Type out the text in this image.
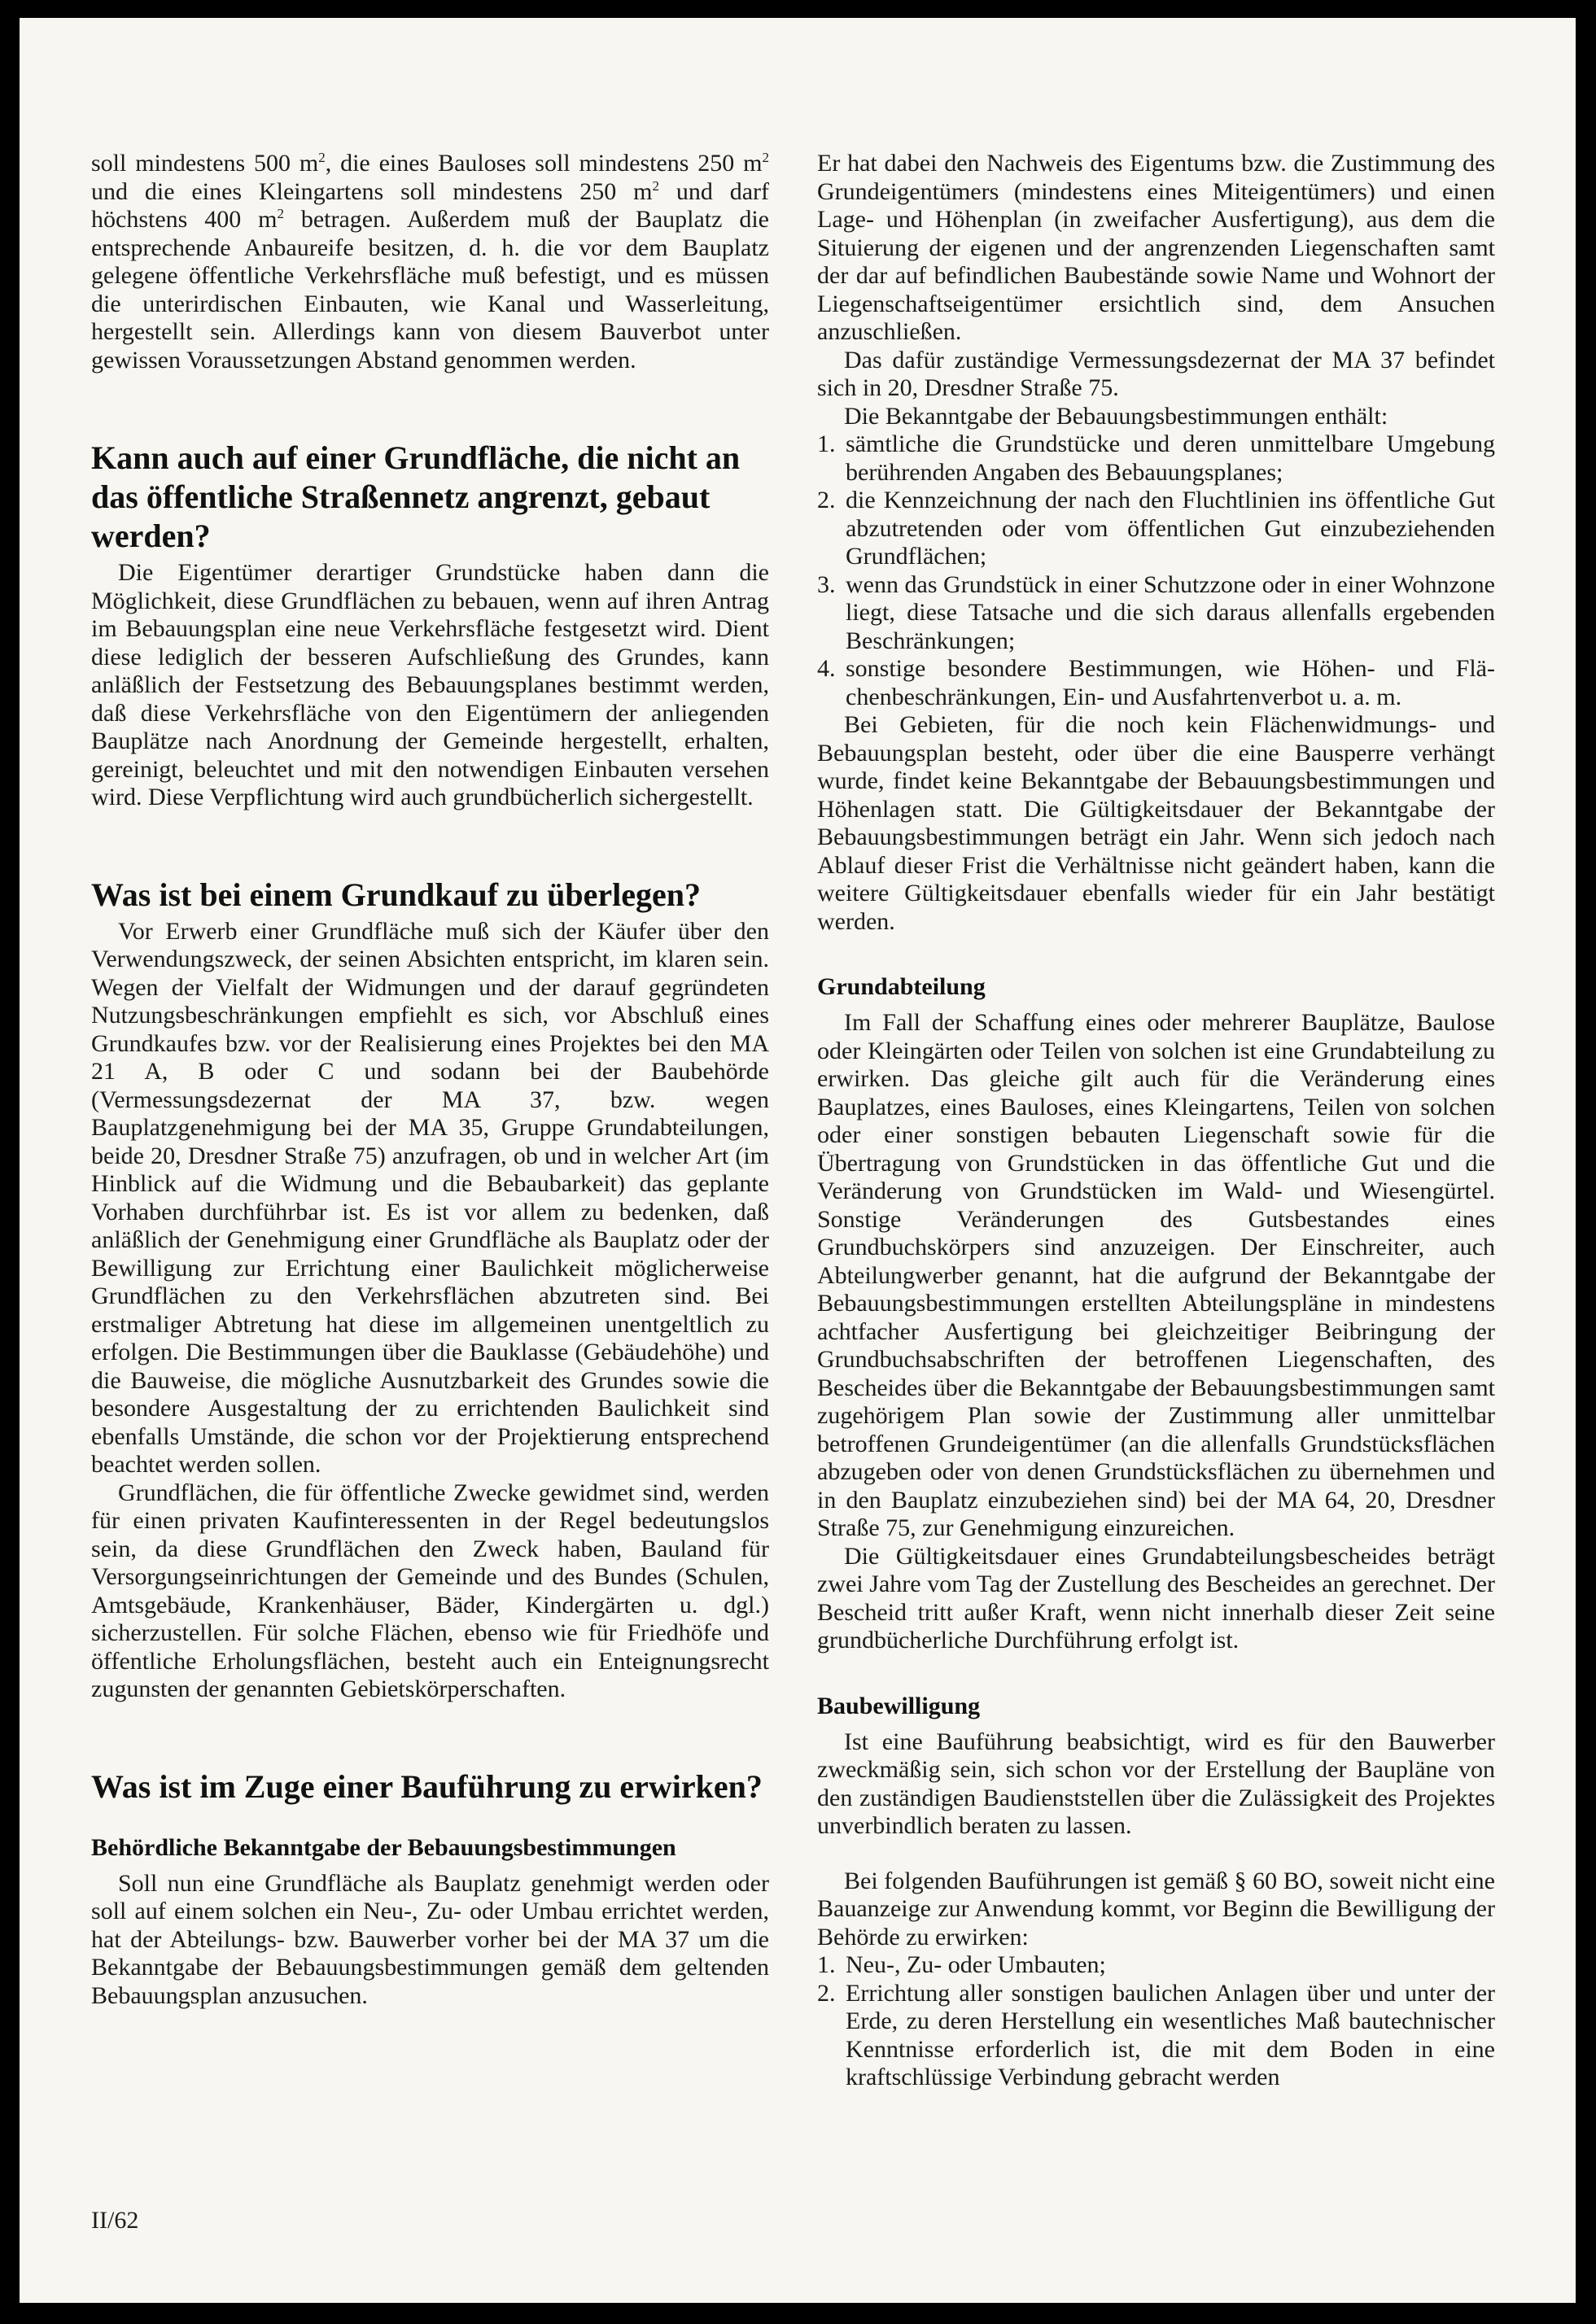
soll mindestens 500 $m^2$, die eines Bauloses soll mindestens 250 $m^2$ und die eines Kleingartens soll mindestens 250 $m^2$ und darf höchstens 400 $m^2$ betragen. Außerdem muß der Bauplatz die entsprechende Anbaureife besitzen, d. h. die vor dem Bauplatz gelegene öffentliche Verkehrsfläche muß befestigt, und es müssen die unterirdischen Einbauten, wie Kanal und Wasserleitung, hergestellt sein. Allerdings kann von diesem Bauverbot unter gewissen Voraussetzungen Abstand genommen werden.

Kann auch auf einer Grundfläche, die nicht an das öffentliche Straßennetz angrenzt, gebaut werden?

Die Eigentümer derartiger Grundstücke haben dann die Möglichkeit, diese Grundflächen zu bebauen, wenn auf ihren Antrag im Bebauungsplan eine neue Verkehrsfläche festgesetzt wird. Dient diese lediglich der besseren Aufschließung des Grundes, kann anläßlich der Festsetzung des Bebauungsplanes bestimmt werden, daß diese Verkehrsfläche von den Eigentümern der anliegenden Bauplätze nach Anordnung der Gemeinde hergestellt, erhalten, gereinigt, beleuchtet und mit den notwendigen Einbauten versehen wird. Diese Verpflichtung wird auch grundbücherlich sichergestellt.

Was ist bei einem Grundkauf zu überlegen?

Vor Erwerb einer Grundfläche muß sich der Käufer über den Verwendungszweck, der seinen Absichten entspricht, im klaren sein. Wegen der Vielfalt der Widmungen und der darauf gegründeten Nutzungsbeschränkungen empfiehlt es sich, vor Abschluß eines Grundkaufes bzw. vor der Realisierung eines Projektes bei den MA 21 A, B oder C und sodann bei der Baubehörde (Vermessungsdezernat der MA 37, bzw. wegen Bauplatzgenehmigung bei der MA 35, Gruppe Grundabteilungen, beide 20, Dresdner Straße 75) anzufragen, ob und in welcher Art (im Hinblick auf die Widmung und die Bebaubarkeit) das geplante Vorhaben durchführbar ist. Es ist vor allem zu bedenken, daß anläßlich der Genehmigung einer Grundfläche als Bauplatz oder der Bewilligung zur Errichtung einer Baulichkeit möglicherweise Grundflächen zu den Verkehrsflächen abzutreten sind. Bei erstmaliger Abtretung hat diese im allgemeinen unentgeltlich zu erfolgen. Die Bestimmungen über die Bauklasse (Gebäudehöhe) und die Bauweise, die mögliche Ausnutzbarkeit des Grundes sowie die besondere Ausgestaltung der zu errichtenden Baulichkeit sind ebenfalls Umstände, die schon vor der Projektierung entsprechend beachtet werden sollen.

Grundflächen, die für öffentliche Zwecke gewidmet sind, werden für einen privaten Kaufinteressenten in der Regel bedeutungslos sein, da diese Grundflächen den Zweck haben, Bauland für Versorgungseinrichtungen der Gemeinde und des Bundes (Schulen, Amtsgebäude, Krankenhäuser, Bäder, Kindergärten u. dgl.) sicherzustellen. Für solche Flächen, ebenso wie für Friedhöfe und öffentliche Erholungsflächen, besteht auch ein Enteignungsrecht zugunsten der genannten Gebietskörperschaften.

Was ist im Zuge einer Bauführung zu erwirken?
Behördliche Bekanntgabe der Bebauungsbestimmungen

Soll nun eine Grundfläche als Bauplatz genehmigt werden oder soll auf einem solchen ein Neu-, Zu- oder Umbau errichtet werden, hat der Abteilungs- bzw. Bauwerber vorher bei der MA 37 um die Bekanntgabe der Bebauungsbestimmungen gemäß dem geltenden Bebauungsplan anzusuchen.

Er hat dabei den Nachweis des Eigentums bzw. die Zustimmung des Grundeigentümers (mindestens eines Miteigentümers) und einen Lage- und Höhenplan (in zweifacher Ausfertigung), aus dem die Situierung der eigenen und der angrenzenden Liegenschaften samt der dar auf befindlichen Baubestände sowie Name und Wohnort der Liegenschaftseigentümer ersichtlich sind, dem Ansuchen anzuschließen.

Das dafür zuständige Vermessungsdezernat der MA 37 befindet sich in 20, Dresdner Straße 75.

Die Bekanntgabe der Bebauungsbestimmungen enthält:

1. sämtliche die Grundstücke und deren unmittelbare Umgebung berührenden Angaben des Bebauungsplanes;
2. die Kennzeichnung der nach den Fluchtlinien ins öffentliche Gut abzutretenden oder vom öffentlichen Gut einzubeziehenden Grundflächen;
3. wenn das Grundstück in einer Schutzzone oder in einer Wohnzone liegt, diese Tatsache und die sich daraus allenfalls ergebenden Beschränkungen;
4. sonstige besondere Bestimmungen, wie Höhen- und Flächenbeschränkungen, Ein- und Ausfahrtenverbot u. a. m.

Bei Gebieten, für die noch kein Flächenwidmungs- und Bebauungsplan besteht, oder über die eine Bausperre verhängt wurde, findet keine Bekanntgabe der Bebauungsbestimmungen und Höhenlagen statt. Die Gültigkeitsdauer der Bekanntgabe der Bebauungsbestimmungen beträgt ein Jahr. Wenn sich jedoch nach Ablauf dieser Frist die Verhältnisse nicht geändert haben, kann die weitere Gültigkeitsdauer ebenfalls wieder für ein Jahr bestätigt werden.

Grundabteilung

Im Fall der Schaffung eines oder mehrerer Bauplätze, Baulose oder Kleingärten oder Teilen von solchen ist eine Grundabteilung zu erwirken. Das gleiche gilt auch für die Veränderung eines Bauplatzes, eines Bauloses, eines Kleingartens, Teilen von solchen oder einer sonstigen bebauten Liegenschaft sowie für die Übertragung von Grundstücken in das öffentliche Gut und die Veränderung von Grundstücken im Wald- und Wiesengürtel. Sonstige Veränderungen des Gutsbestandes eines Grundbuchskörpers sind anzuzeigen. Der Einschreiter, auch Abteilungwerber genannt, hat die aufgrund der Bekanntgabe der Bebauungsbestimmungen erstellten Abteilungspläne in mindestens achtfacher Ausfertigung bei gleichzeitiger Beibringung der Grundbuchsabschriften der betroffenen Liegenschaften, des Bescheides über die Bekanntgabe der Bebauungsbestimmungen samt zugehörigem Plan sowie der Zustimmung aller unmittelbar betroffenen Grundeigentümer (an die allenfalls Grundstücksflächen abzugeben oder von denen Grundstücksflächen zu übernehmen und in den Bauplatz einzubeziehen sind) bei der MA 64, 20, Dresdner Straße 75, zur Genehmigung einzureichen.

Die Gültigkeitsdauer eines Grundabteilungsbescheides beträgt zwei Jahre vom Tag der Zustellung des Bescheides an gerechnet. Der Bescheid tritt außer Kraft, wenn nicht innerhalb dieser Zeit seine grundbücherliche Durchführung erfolgt ist.

Baubewilligung

Ist eine Bauführung beabsichtigt, wird es für den Bauwerber zweckmäßig sein, sich schon vor der Erstellung der Baupläne von den zuständigen Baudienststellen über die Zulässigkeit des Projektes unverbindlich beraten zu lassen.

Bei folgenden Bauführungen ist gemäß § 60 BO, soweit nicht eine Bauanzeige zur Anwendung kommt, vor Beginn die Bewilligung der Behörde zu erwirken:

1. Neu-, Zu- oder Umbauten;
2. Errichtung aller sonstigen baulichen Anlagen über und unter der Erde, zu deren Herstellung ein wesentliches Maß bautechnischer Kenntnisse erforderlich ist, die mit dem Boden in eine kraftschlüssige Verbindung gebracht werden
II/62
